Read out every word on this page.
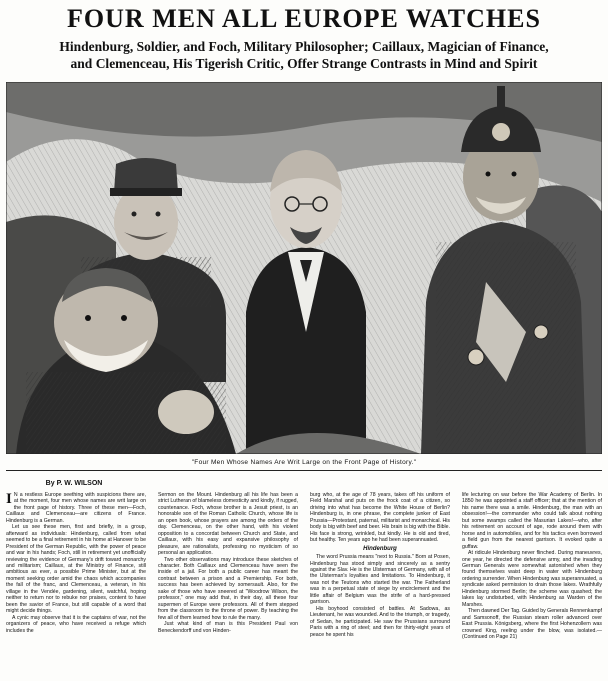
FOUR MEN ALL EUROPE WATCHES
Hindenburg, Soldier, and Foch, Military Philosopher; Caillaux, Magician of Finance,
and Clemenceau, His Tigerish Critic, Offer Strange Contrasts in Mind and Spirit
"Four Men Whose Names Are Writ Large on the Front Page of History."
By P. W. WILSON

I N a restless Europe seething with suspicions there are, at the moment, four men whose names are writ large on the front page of history. Three of these men—Foch, Caillaux and Clemenceau—are citizens of France. Hindenburg is a German.

Let us see these men, first and briefly, in a group, afterward as individuals: Hindenburg, called from what seemed to be a final retirement in his home at Hanover to be President of the German Republic, with the power of peace and war in his hands; Foch, still in retirement yet unofficially reviewing the evidence of Germany's drift toward monarchy and militarism; Caillaux, at the Ministry of Finance, still ambitious as ever, a possible Prime Minister, but at the moment seeking order amid the chaos which accompanies the fall of the franc, and Clemenceau, a veteran, in his village in the Vendée, gardening, silent, watchful, hoping neither to return nor to rebuke nor praises, content to have been the savior of France, but still capable of a word that might decide things.

A cynic may observe that it is the captains of war, not the organizers of peace, who have received a refuge which includes the

Sermon on the Mount. Hindenburg all his life has been a strict Lutheran of blameless domesticity and kindly, if rugged, countenance. Foch, whose brother is a Jesuit priest, is an honorable son of the Roman Catholic Church, whose life is an open book, whose prayers are among the orders of the day. Clemenceau, on the other hand, with his violent opposition to a concordat between Church and State, and Caillaux, with his easy and expansive philosophy of pleasure, are rationalists, professing no mysticism of so personal an application.

Two other observations may introduce these sketches of character. Both Caillaux and Clemenceau have seen the inside of a jail. For both a public career has meant the contrast between a prison and a Premiership. For both, success has been achieved by somersault. Also, for the sake of those who have sneered at "Woodrow Wilson, the professor," one may add that, in their day, all these four supermen of Europe were professors. All of them stepped from the classroom to the throne of power. By teaching the few all of them learned how to rule the many.

Just what kind of man is this President Paul von Beneckendorff und von Hinden-

burg who, at the age of 78 years, takes off his uniform of Field Marshal and puts on the frock coat of a citizen, so driving into what has become the White House of Berlin? Hindenburg is, in one phrase, the complete junker of East Prussia—Protestant, paternal, militarist and monarchical. His body is big with beef and beer. His brain is big with the Bible. His face is strong, wrinkled, but kindly. He is old and tired, but healthy. Ten years ago he had been superannuated.

Hindenburg

The word Prussia means "next to Russia." Born at Posen, Hindenburg has stood simply and sincerely as a sentry against the Slav. He is the Ulsterman of Germany, with all of the Ulsterman's loyalties and limitations. To Hindenburg, it was not the Teutons who started the war. The Fatherland was in a perpetual state of siege by encirclement and the little affair of Belgium was the strife of a hard-pressed garrison.

His boyhood consisted of battles. At Sadowa, as Lieutenant, he was wounded. And to the triumph, or tragedy, of Sedan, he participated. He saw the Prussians surround Paris with a ring of steel; and then for thirty-eight years of peace he spent his

life lecturing on war before the War Academy of Berlin. In 1850 he was appointed a staff officer; that at the mention of his name there was a smile. Hindenburg, the man with an obsession!—the commander who could talk about nothing but some swamps called the Masurian Lakes!—who, after his retirement on account of age, rode around them with horse and in automobiles, and for his tactics even borrowed a field gun from the nearest garrison. It evoked quite a guffaw.

At ridicule Hindenburg never flinched. During maneuvres, one year, he directed the defensive army, and the invading German Generals were somewhat astonished when they found themselves waist deep in water with Hindenburg ordering surrender. When Hindenburg was superannuated, a syndicate asked permission to drain those lakes. Wrathfully Hindenburg stormed Berlin; the scheme was quashed; the lakes lay undisturbed, with Hindenburg as Warden of the Marshes.

Then dawned Der Tag. Guided by Generals Rennenkampf and Samsonoff, the Russian steam roller advanced over East Prussia. Königsberg, where the first Hohenzollern was crowned King, reeling under the blow, was isolated.—(Continued on Page 21)
